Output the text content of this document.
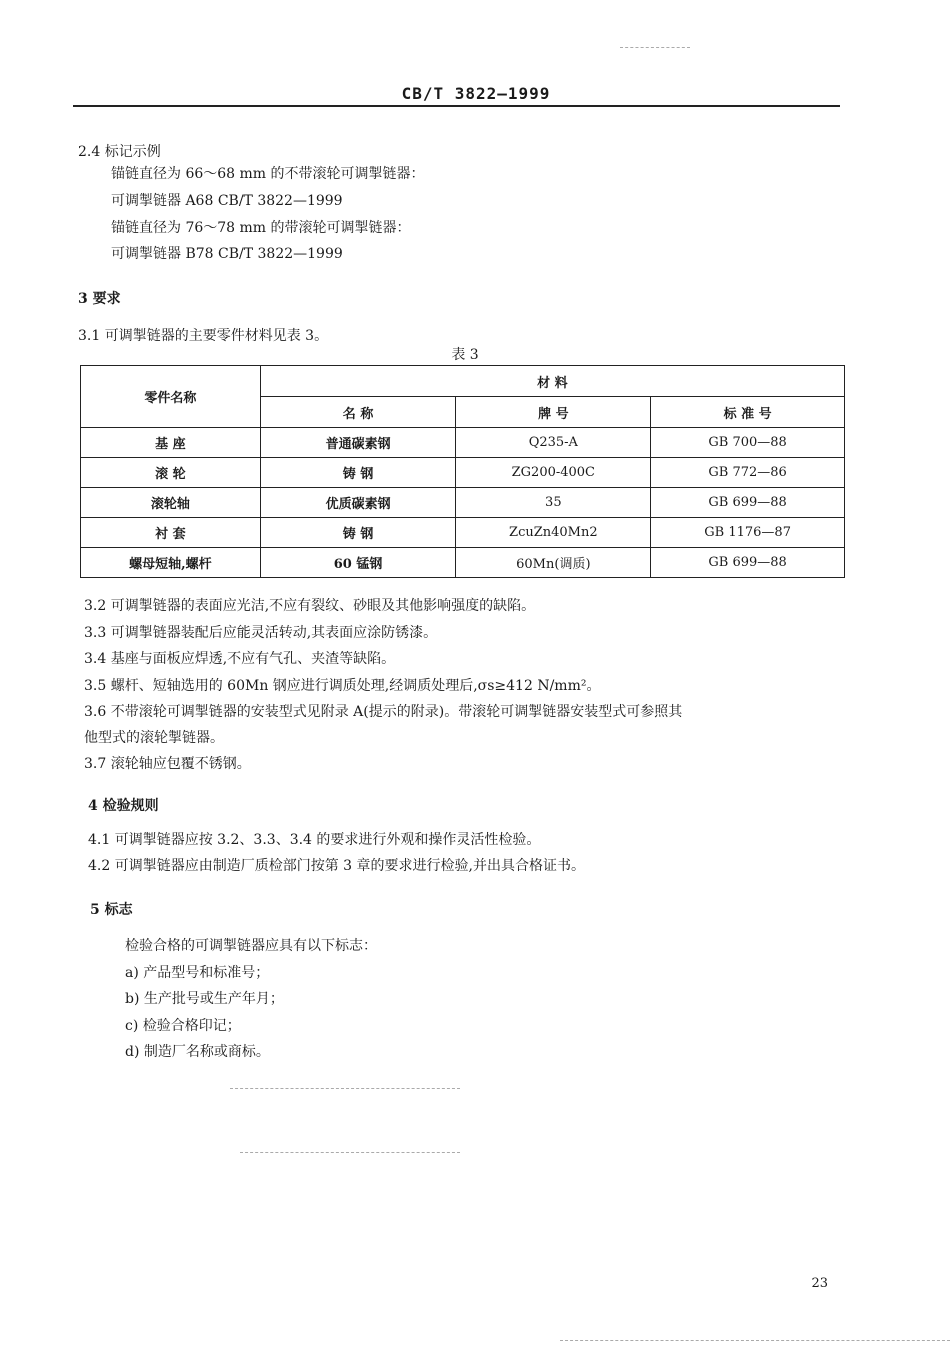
CB/T 3822—1999
2.4 标记示例
锚链直径为 66～68 mm 的不带滚轮可调掣链器：
可调掣链器 A68 CB/T 3822—1999
锚链直径为 76～78 mm 的带滚轮可调掣链器：
可调掣链器 B78 CB/T 3822—1999
3 要求
3.1 可调掣链器的主要零件材料见表 3。
表 3
零件名称	材 料		
	名 称	牌 号	标 准 号
基 座	普通碳素钢	Q235-A	GB 700—88
滚 轮	铸 钢	ZG200-400C	GB 772—86
滚轮轴	优质碳素钢	35	GB 699—88
衬 套	铸 钢	ZcuZn40Mn2	GB 1176—87
螺母短轴,螺杆	60 锰钢	60Mn(调质)	GB 699—88
3.2 可调掣链器的表面应光洁,不应有裂纹、砂眼及其他影响强度的缺陷。
3.3 可调掣链器装配后应能灵活转动,其表面应涂防锈漆。
3.4 基座与面板应焊透,不应有气孔、夹渣等缺陷。
3.5 螺杆、短轴选用的 60Mn 钢应进行调质处理,经调质处理后,σs≥412 N/mm²。
3.6 不带滚轮可调掣链器的安装型式见附录 A(提示的附录)。带滚轮可调掣链器安装型式可参照其
他型式的滚轮掣链器。
3.7 滚轮轴应包覆不锈钢。
4 检验规则
4.1 可调掣链器应按 3.2、3.3、3.4 的要求进行外观和操作灵活性检验。
4.2 可调掣链器应由制造厂质检部门按第 3 章的要求进行检验,并出具合格证书。
5 标志
检验合格的可调掣链器应具有以下标志：
a) 产品型号和标准号；
b) 生产批号或生产年月；
c) 检验合格印记；
d) 制造厂名称或商标。
23
